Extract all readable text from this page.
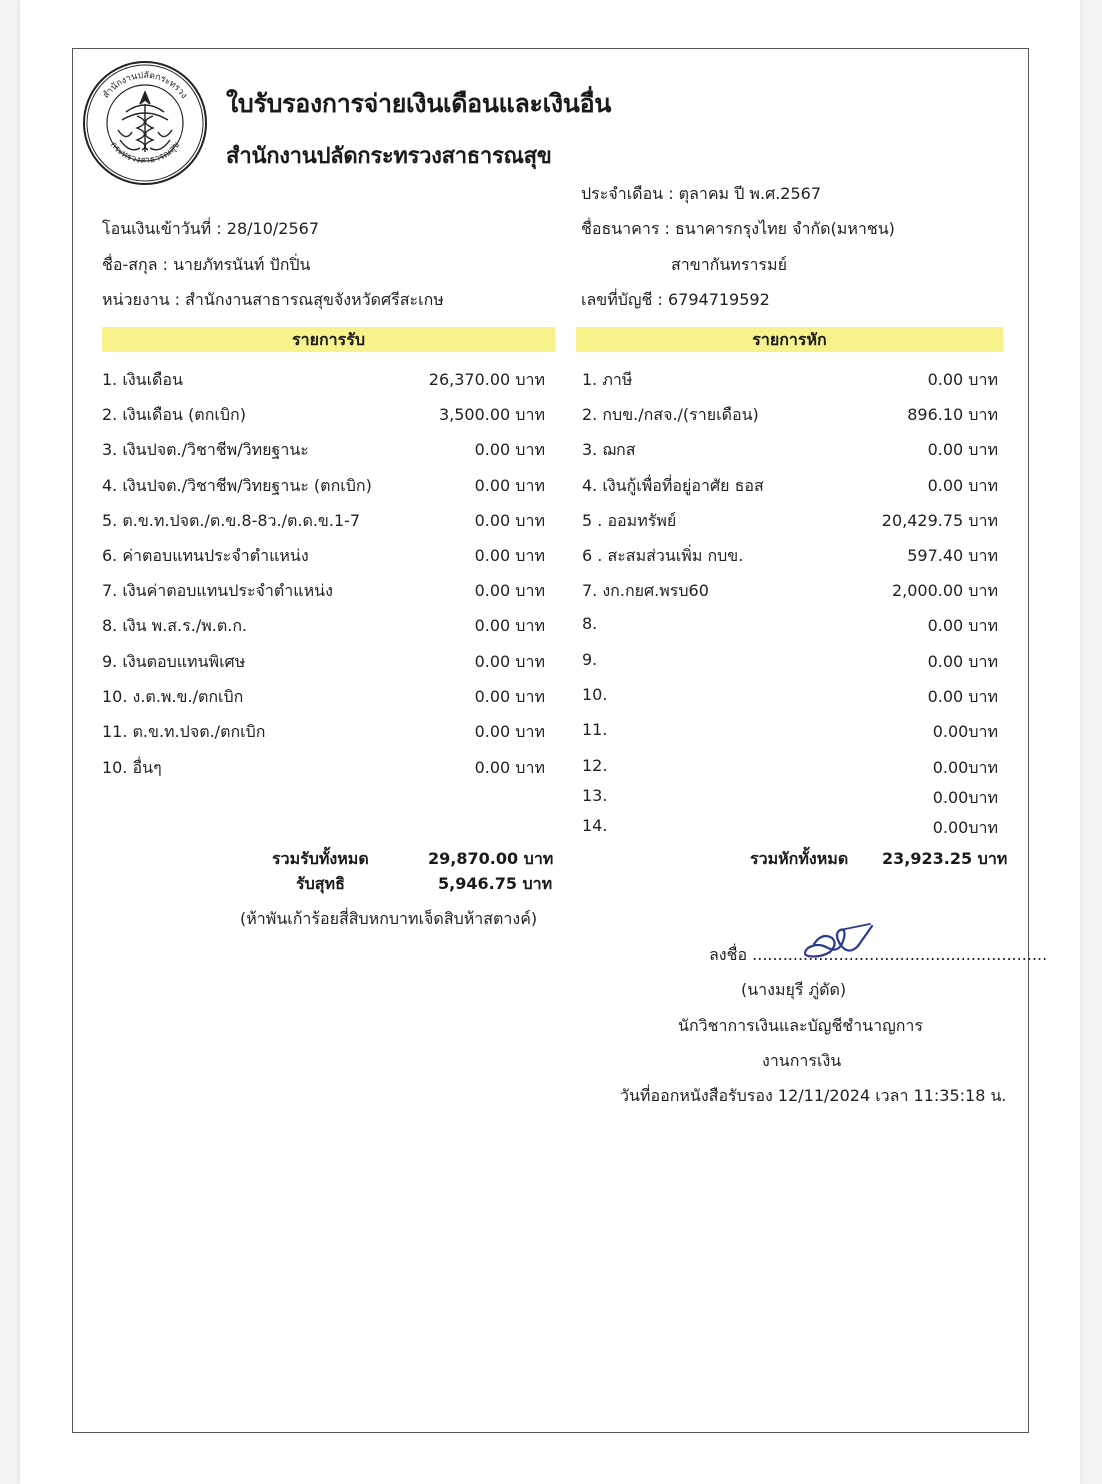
สำนักงานปลัดกระทรวง
กระทรวงสาธารณสุข
ใบรับรองการจ่ายเงินเดือนและเงินอื่น
สำนักงานปลัดกระทรวงสาธารณสุข
ประจำเดือน : ตุลาคม ปี พ.ศ.2567
โอนเงินเข้าวันที่ : 28/10/2567	ชื่อธนาคาร : ธนาคารกรุงไทย จำกัด(มหาชน)
ชื่อ-สกุล : นายภัทรนันท์ ปักปิ่น	สาขากันทรารมย์
หน่วยงาน : สำนักงานสาธารณสุขจังหวัดศรีสะเกษ	เลขที่บัญชี : 6794719592
รายการรับ	รายการหัก
1. เงินเดือน	26,370.00 บาท
2. เงินเดือน (ตกเบิก)	3,500.00 บาท
3. เงินปจต./วิชาชีพ/วิทยฐานะ	0.00 บาท
4. เงินปจต./วิชาชีพ/วิทยฐานะ (ตกเบิก)	0.00 บาท
5. ต.ข.ท.ปจต./ต.ข.8-8ว./ต.ด.ข.1-7	0.00 บาท
6. ค่าตอบแทนประจำตำแหน่ง	0.00 บาท
7. เงินค่าตอบแทนประจำตำแหน่ง	0.00 บาท
8. เงิน พ.ส.ร./พ.ต.ก.	0.00 บาท
9. เงินตอบแทนพิเศษ	0.00 บาท
10. ง.ต.พ.ข./ตกเบิก	0.00 บาท
11. ต.ข.ท.ปจต./ตกเบิก	0.00 บาท
10. อื่นๆ	0.00 บาท
1. ภาษี	0.00 บาท
2. กบข./กสจ./(รายเดือน)	896.10 บาท
3. ฌกส	0.00 บาท
4. เงินกู้เพื่อที่อยู่อาศัย ธอส	0.00 บาท
5 . ออมทรัพย์	20,429.75 บาท
6 . สะสมส่วนเพิ่ม กบข.	597.40 บาท
7. งก.กยศ.พรบ60	2,000.00 บาท
8.	0.00 บาท
9.	0.00 บาท
10.	0.00 บาท
11.	0.00บาท
12.	0.00บาท
13.	0.00บาท
14.	0.00บาท
รวมรับทั้งหมด	29,870.00 บาท
รับสุทธิ	5,946.75 บาท
(ห้าพันเก้าร้อยสี่สิบหกบาทเจ็ดสิบห้าสตางค์)
รวมหักทั้งหมด 23,923.25 บาท
ลงชื่อ ..........................................................
(นางมยุรี ภู่ดัด)
นักวิชาการเงินและบัญชีชำนาญการ
งานการเงิน
วันที่ออกหนังสือรับรอง 12/11/2024 เวลา 11:35:18 น.
